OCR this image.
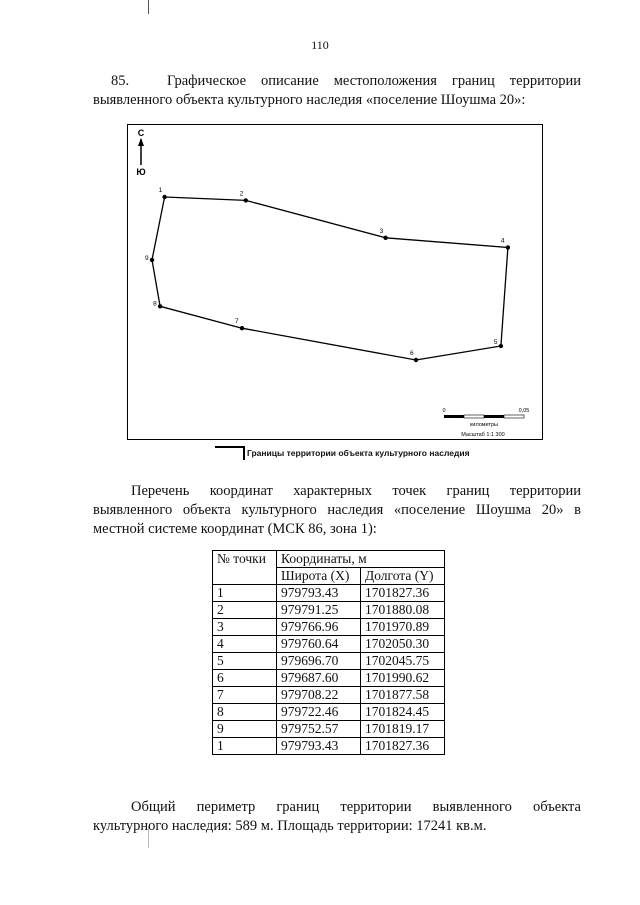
110
85.	Графическое описание местоположения границ территории
выявленного объекта культурного наследия «поселение Шоушма 20»:
С
Ю
1	2
3
4
5
6
7
8
9
0	0,05
километры
Масштаб 1:1 300
Границы территории объекта культурного наследия
Перечень координат характерных точек границ территории
выявленного объекта культурного наследия «поселение Шоушма 20» в
местной системе координат (МСК 86, зона 1):
№ точки	Координаты, м	
	Широта (X)	Долгота (Y)
1	979793.43	1701827.36
2	979791.25	1701880.08
3	979766.96	1701970.89
4	979760.64	1702050.30
5	979696.70	1702045.75
6	979687.60	1701990.62
7	979708.22	1701877.58
8	979722.46	1701824.45
9	979752.57	1701819.17
1	979793.43	1701827.36
Общий периметр границ территории выявленного объекта
культурного наследия: 589 м. Площадь территории: 17241 кв.м.
